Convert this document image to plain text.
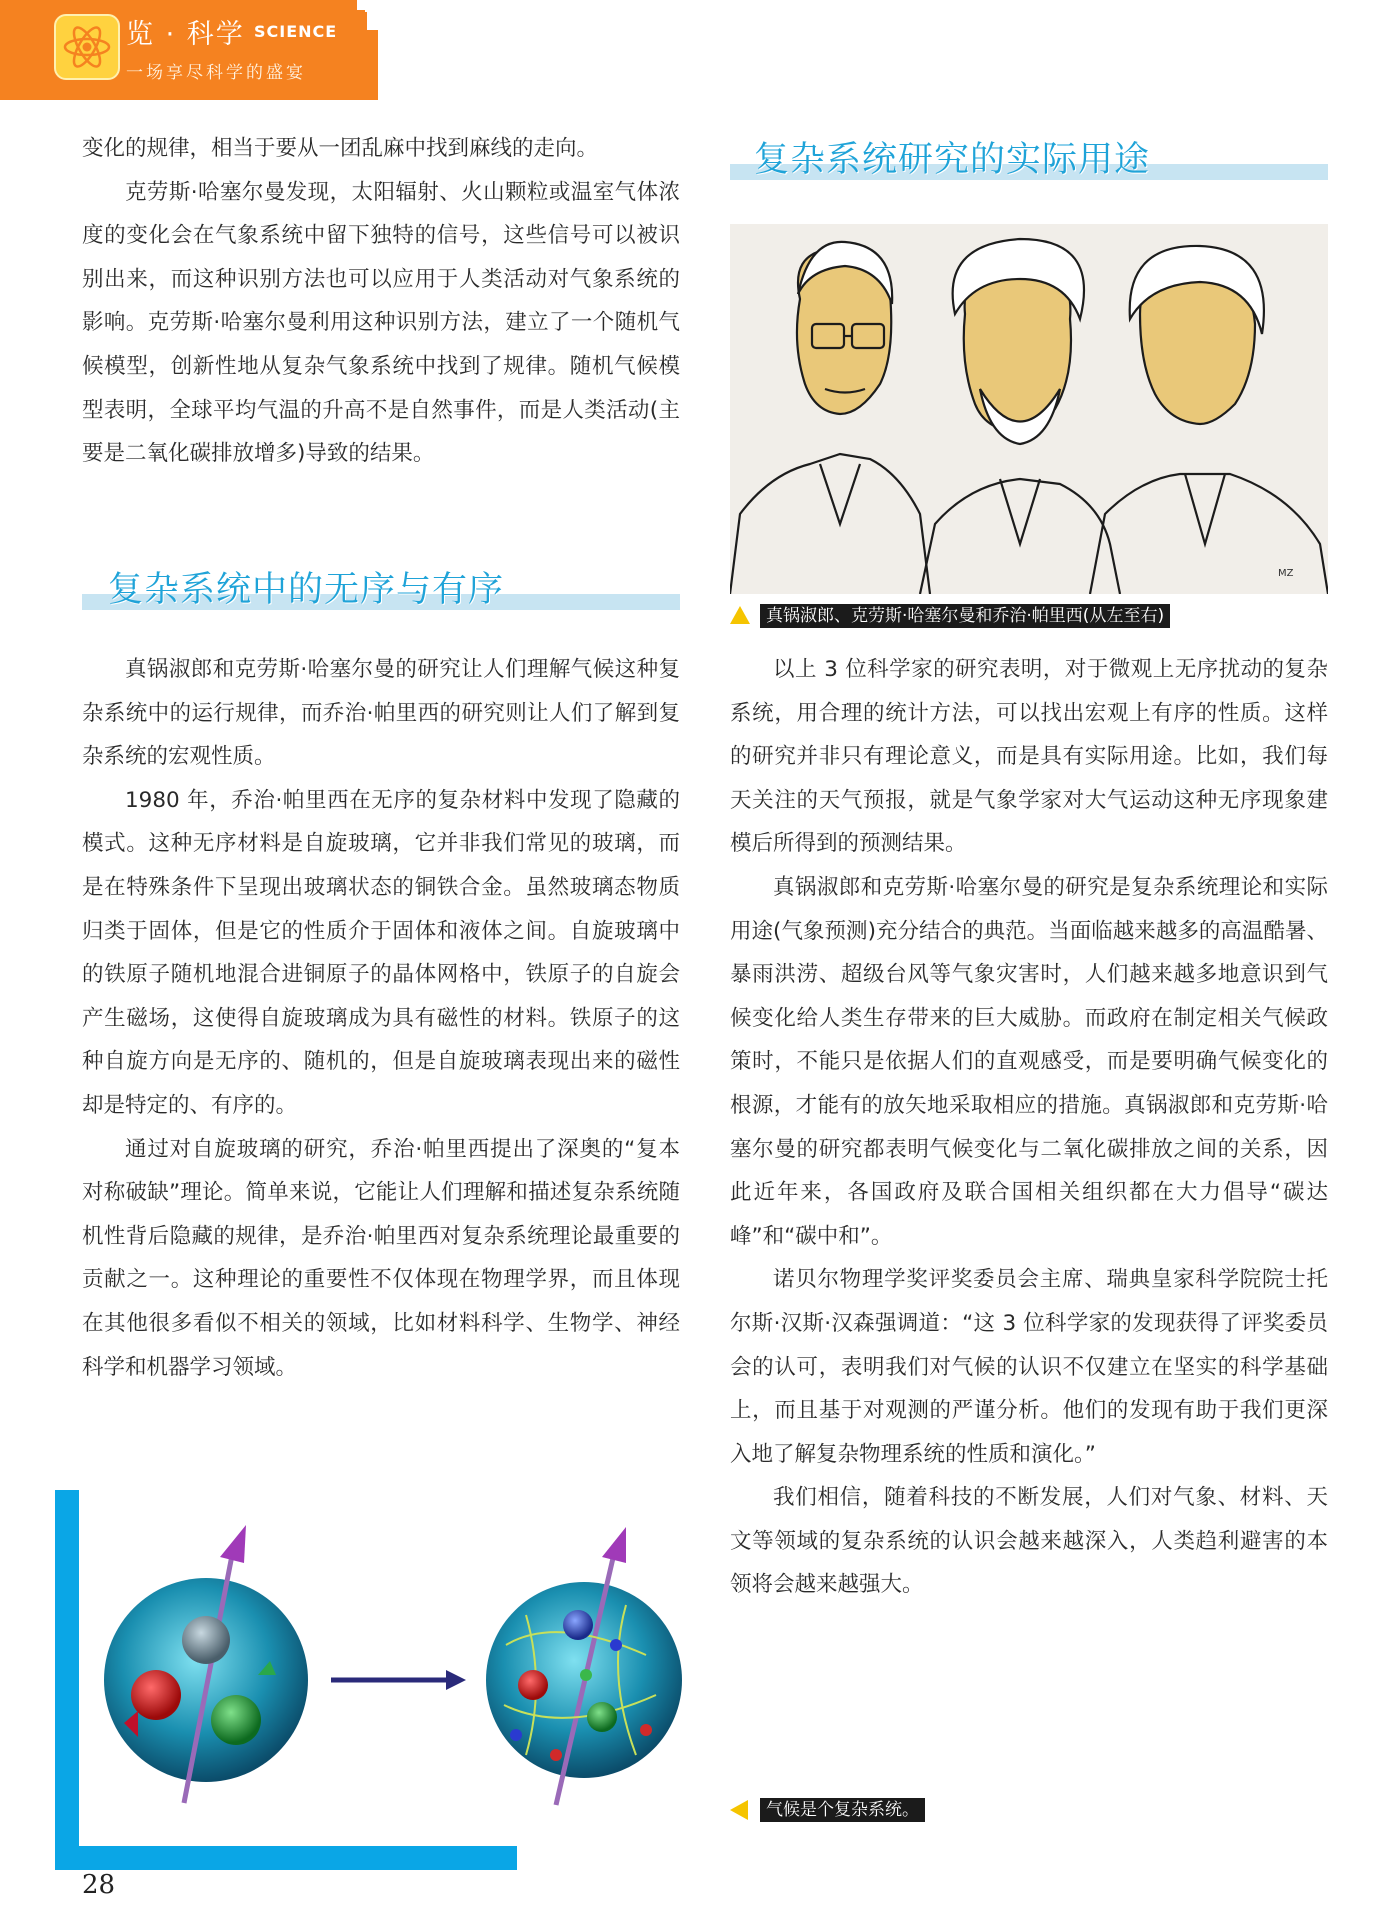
览 · 科学 SCIENCE
一场享尽科学的盛宴

变化的规律，相当于要从一团乱麻中找到麻线的走向。

克劳斯·哈塞尔曼发现，太阳辐射、火山颗粒或温室气体浓度的变化会在气象系统中留下独特的信号，这些信号可以被识别出来，而这种识别方法也可以应用于人类活动对气象系统的影响。克劳斯·哈塞尔曼利用这种识别方法，建立了一个随机气候模型，创新性地从复杂气象系统中找到了规律。随机气候模型表明，全球平均气温的升高不是自然事件，而是人类活动(主要是二氧化碳排放增多)导致的结果。

复杂系统中的无序与有序

真锅淑郎和克劳斯·哈塞尔曼的研究让人们理解气候这种复杂系统中的运行规律，而乔治·帕里西的研究则让人们了解到复杂系统的宏观性质。

1980 年，乔治·帕里西在无序的复杂材料中发现了隐藏的模式。这种无序材料是自旋玻璃，它并非我们常见的玻璃，而是在特殊条件下呈现出玻璃状态的铜铁合金。虽然玻璃态物质归类于固体，但是它的性质介于固体和液体之间。自旋玻璃中的铁原子随机地混合进铜原子的晶体网格中，铁原子的自旋会产生磁场，这使得自旋玻璃成为具有磁性的材料。铁原子的这种自旋方向是无序的、随机的，但是自旋玻璃表现出来的磁性却是特定的、有序的。

通过对自旋玻璃的研究，乔治·帕里西提出了深奥的“复本对称破缺”理论。简单来说，它能让人们理解和描述复杂系统随机性背后隐藏的规律，是乔治·帕里西对复杂系统理论最重要的贡献之一。这种理论的重要性不仅体现在物理学界，而且体现在其他很多看似不相关的领域，比如材料科学、生物学、神经科学和机器学习领域。

复杂系统研究的实际用途
MZ
真锅淑郎、克劳斯·哈塞尔曼和乔治·帕里西(从左至右)

以上 3 位科学家的研究表明，对于微观上无序扰动的复杂系统，用合理的统计方法，可以找出宏观上有序的性质。这样的研究并非只有理论意义，而是具有实际用途。比如，我们每天关注的天气预报，就是气象学家对大气运动这种无序现象建模后所得到的预测结果。

真锅淑郎和克劳斯·哈塞尔曼的研究是复杂系统理论和实际用途(气象预测)充分结合的典范。当面临越来越多的高温酷暑、暴雨洪涝、超级台风等气象灾害时，人们越来越多地意识到气候变化给人类生存带来的巨大威胁。而政府在制定相关气候政策时，不能只是依据人们的直观感受，而是要明确气候变化的根源，才能有的放矢地采取相应的措施。真锅淑郎和克劳斯·哈塞尔曼的研究都表明气候变化与二氧化碳排放之间的关系，因此近年来，各国政府及联合国相关组织都在大力倡导“碳达峰”和“碳中和”。

诺贝尔物理学奖评奖委员会主席、瑞典皇家科学院院士托尔斯·汉斯·汉森强调道：“这 3 位科学家的发现获得了评奖委员会的认可，表明我们对气候的认识不仅建立在坚实的科学基础上，而且基于对观测的严谨分析。他们的发现有助于我们更深入地了解复杂物理系统的性质和演化。”

我们相信，随着科技的不断发展，人们对气象、材料、天文等领域的复杂系统的认识会越来越深入，人类趋利避害的本领将会越来越强大。

气候是个复杂系统。
28
